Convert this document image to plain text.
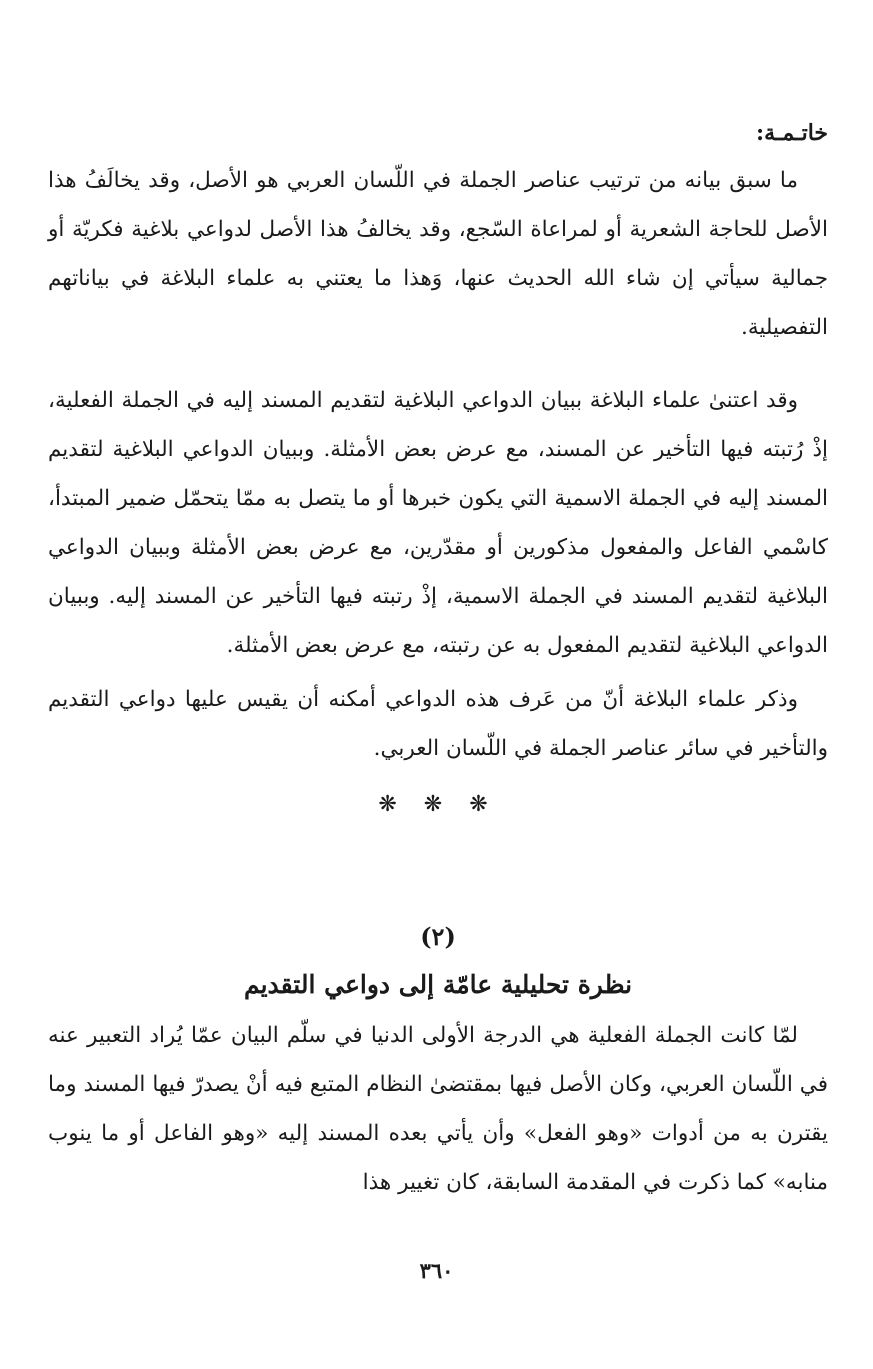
خاتـمـة:

ما سبق بيانه من ترتيب عناصر الجملة في اللّسان العربي هو الأصل، وقد يخالَفُ هذا الأصل للحاجة الشعرية أو لمراعاة السّجع، وقد يخالفُ هذا الأصل لدواعي بلاغية فكريّة أو جمالية سيأتي إن شاء الله الحديث عنها، وَهذا ما يعتني به علماء البلاغة في بياناتهم التفصيلية.

وقد اعتنىٰ علماء البلاغة ببيان الدواعي البلاغية لتقديم المسند إليه في الجملة الفعلية، إذْ رُتبته فيها التأخير عن المسند، مع عرض بعض الأمثلة. وببيان الدواعي البلاغية لتقديم المسند إليه في الجملة الاسمية التي يكون خبرها أو ما يتصل به ممّا يتحمّل ضمير المبتدأ، كاسْمي الفاعل والمفعول مذكورين أو مقدّرين، مع عرض بعض الأمثلة وببيان الدواعي البلاغية لتقديم المسند في الجملة الاسمية، إذْ رتبته فيها التأخير عن المسند إليه. وببيان الدواعي البلاغية لتقديم المفعول به عن رتبته، مع عرض بعض الأمثلة.

وذكر علماء البلاغة أنّ من عَرف هذه الدواعي أمكنه أن يقيس عليها دواعي التقديم والتأخير في سائر عناصر الجملة في اللّسان العربي.

❋ ❋ ❋
(٢)
نظرة تحليلية عامّة إلى دواعي التقديم

لمّا كانت الجملة الفعلية هي الدرجة الأولى الدنيا في سلّم البيان عمّا يُراد التعبير عنه في اللّسان العربي، وكان الأصل فيها بمقتضىٰ النظام المتبع فيه أنْ يصدرّ فيها المسند وما يقترن به من أدوات «وهو الفعل» وأن يأتي بعده المسند إليه «وهو الفاعل أو ما ينوب منابه» كما ذكرت في المقدمة السابقة، كان تغيير هذا

٣٦٠
